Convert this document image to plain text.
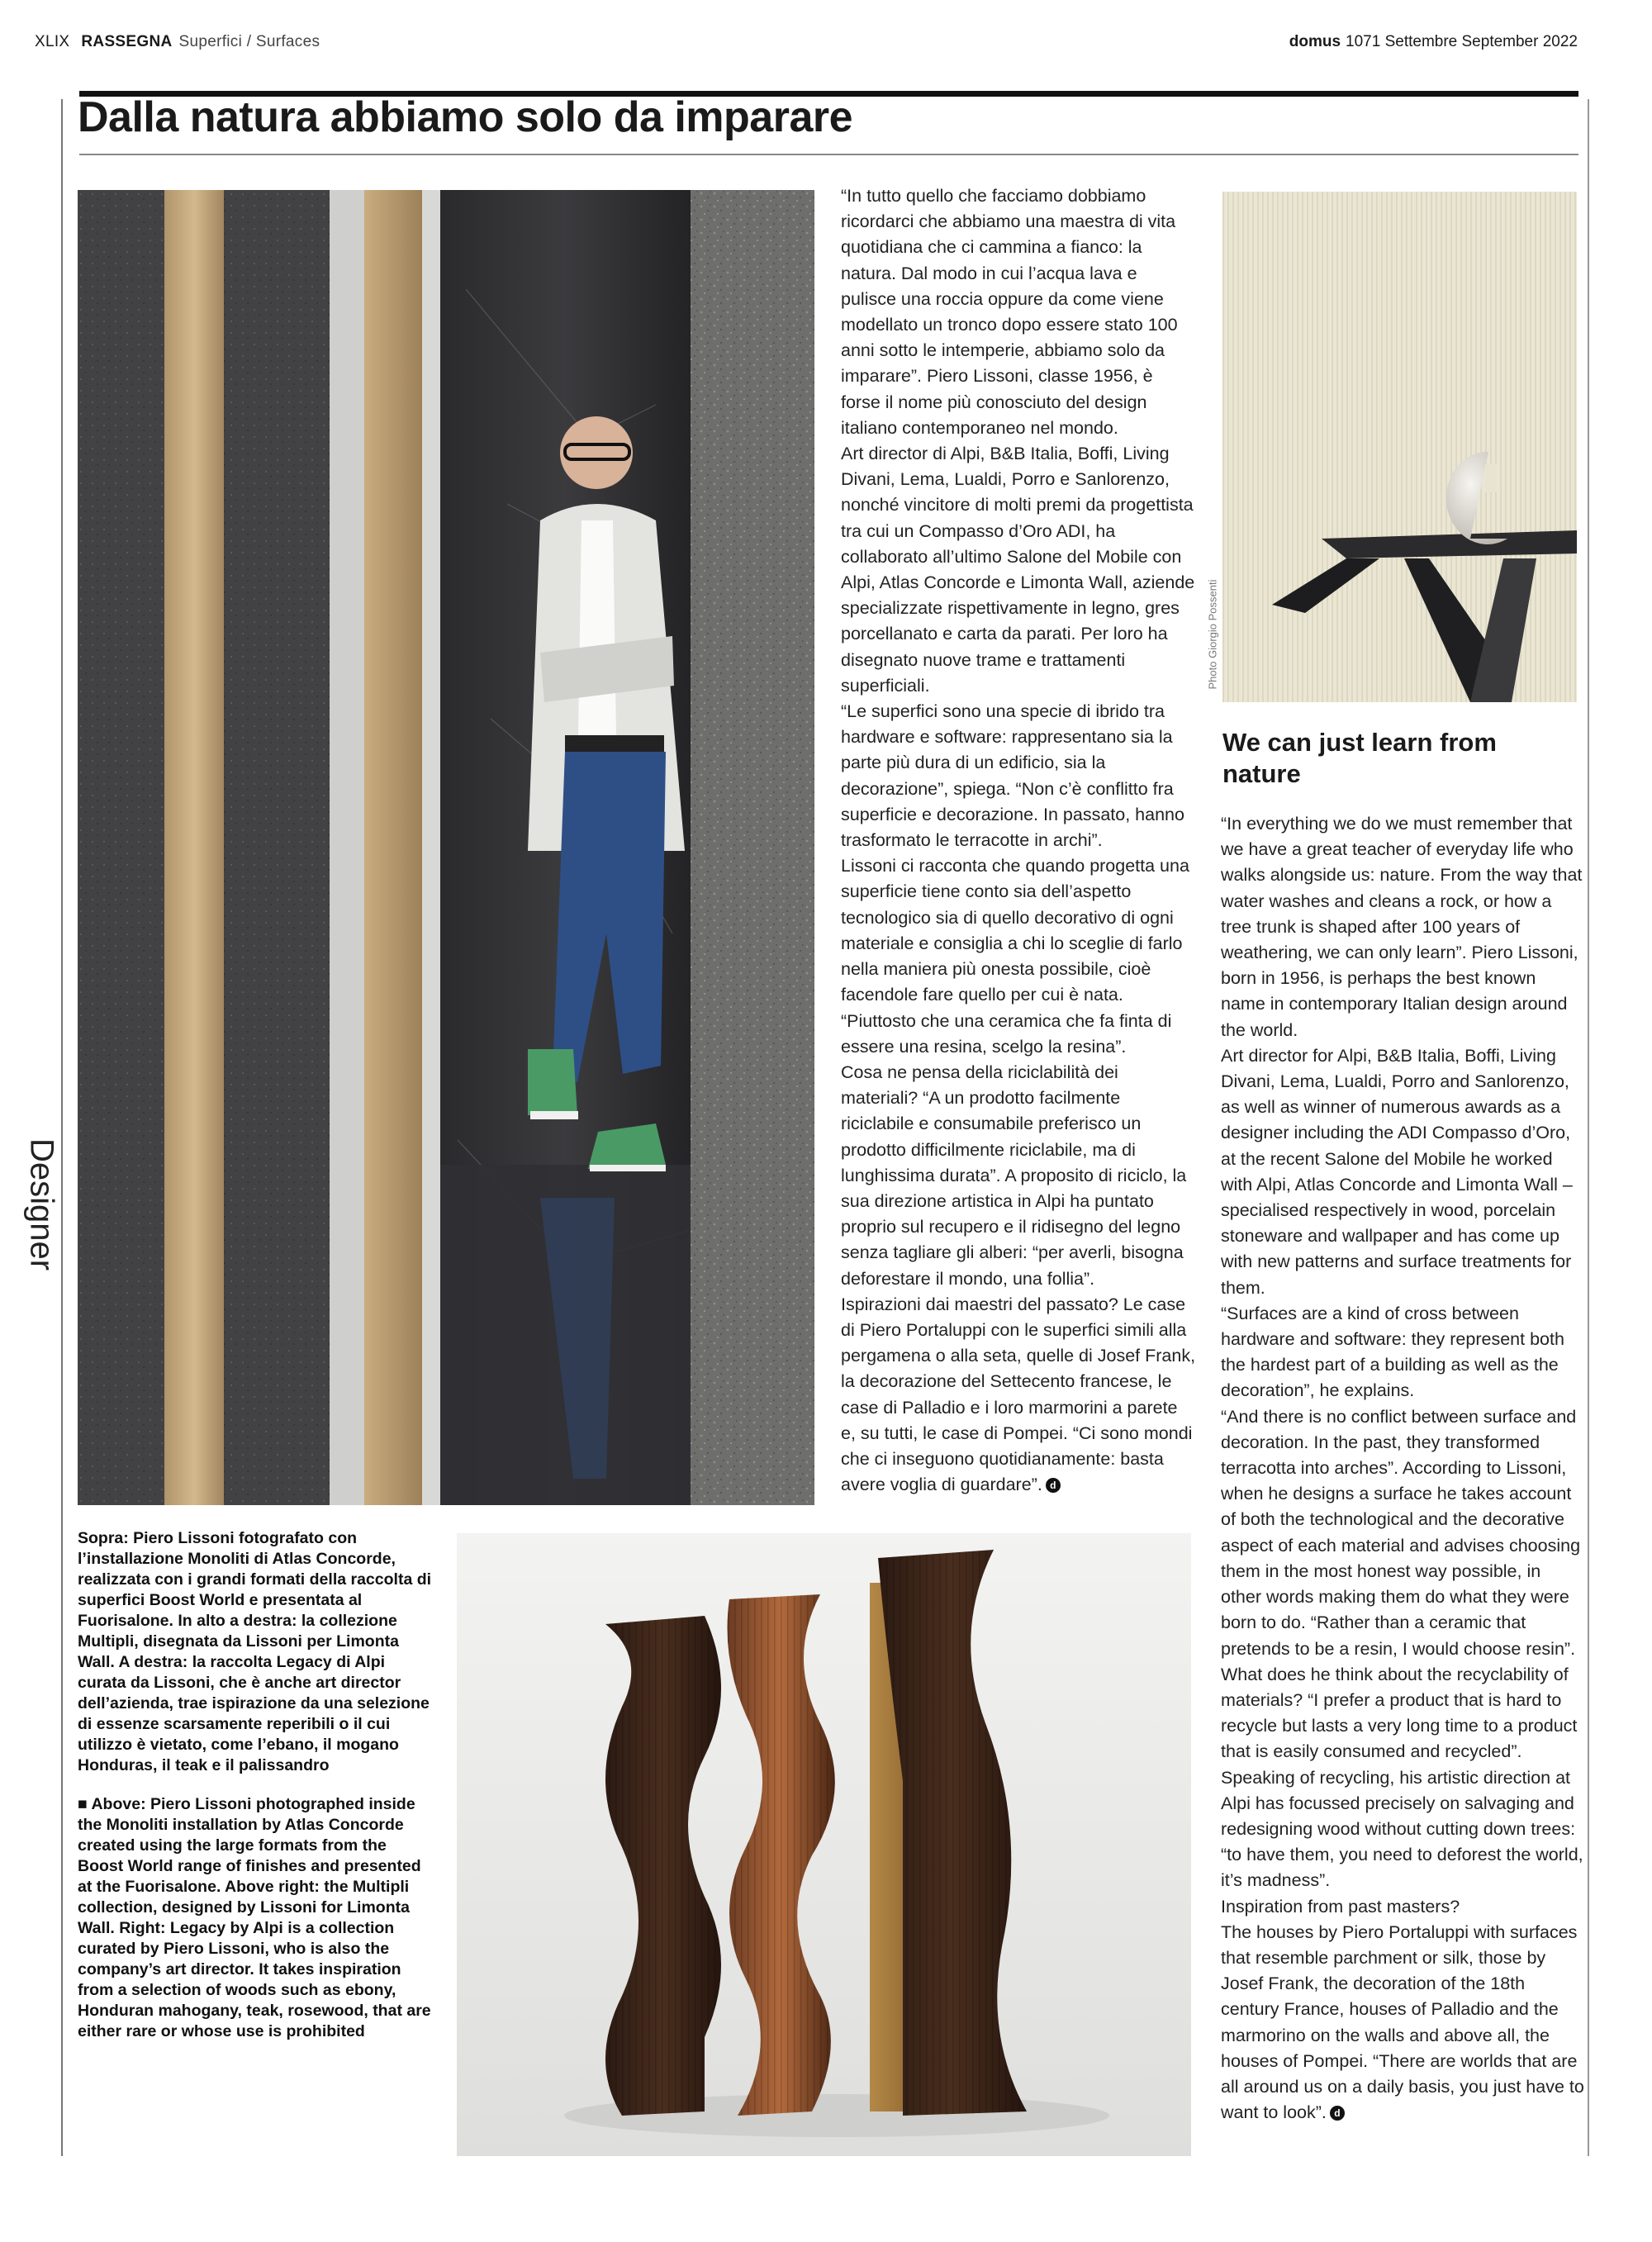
XLIX RASSEGNA Superfici / Surfaces	domus 1071 Settembre September 2022
Dalla natura abbiamo solo da imparare
Designer

“In tutto quello che facciamo dobbiamo ricordarci che abbiamo una maestra di vita quotidiana che ci cammina a fianco: la natura. Dal modo in cui l’acqua lava e pulisce una roccia oppure da come viene modellato un tronco dopo essere stato 100 anni sotto le intemperie, abbiamo solo da imparare”. Piero Lissoni, classe 1956, è forse il nome più conosciuto del design italiano contemporaneo nel mondo.

Art director di Alpi, B&B Italia, Boffi, Living Divani, Lema, Lualdi, Porro e Sanlorenzo, nonché vincitore di molti premi da progettista tra cui un Compasso d’Oro ADI, ha collaborato all’ultimo Salone del Mobile con Alpi, Atlas Concorde e Limonta Wall, aziende specializzate rispettivamente in legno, gres porcellanato e carta da parati. Per loro ha disegnato nuove trame e trattamenti superficiali.

“Le superfici sono una specie di ibrido tra hardware e software: rappresentano sia la parte più dura di un edificio, sia la decorazione”, spiega. “Non c’è conflitto fra superficie e decorazione. In passato, hanno trasformato le terracotte in archi”.

Lissoni ci racconta che quando progetta una superficie tiene conto sia dell’aspetto tecnologico sia di quello decorativo di ogni materiale e consiglia a chi lo sceglie di farlo nella maniera più onesta possibile, cioè facendole fare quello per cui è nata. “Piuttosto che una ceramica che fa finta di essere una resina, scelgo la resina”.

Cosa ne pensa della riciclabilità dei materiali? “A un prodotto facilmente riciclabile e consumabile preferisco un prodotto difficilmente riciclabile, ma di lunghissima durata”. A proposito di riciclo, la sua direzione artistica in Alpi ha puntato proprio sul recupero e il ridisegno del legno senza tagliare gli alberi: “per averli, bisogna deforestare il mondo, una follia”.

Ispirazioni dai maestri del passato? Le case di Piero Portaluppi con le superfici simili alla pergamena o alla seta, quelle di Josef Frank, la decorazione del Settecento francese, le case di Palladio e i loro marmorini a parete e, su tutti, le case di Pompei. “Ci sono mondi che ci inseguono quotidianamente: basta avere voglia di guardare”. d

Photo Giorgio Possenti
We can just learn from nature

“In everything we do we must remember that we have a great teacher of everyday life who walks alongside us: nature. From the way that water washes and cleans a rock, or how a tree trunk is shaped after 100 years of weathering, we can only learn”. Piero Lissoni, born in 1956, is perhaps the best known name in contemporary Italian design around the world.

Art director for Alpi, B&B Italia, Boffi, Living Divani, Lema, Lualdi, Porro and Sanlorenzo, as well as winner of numerous awards as a designer including the ADI Compasso d’Oro, at the recent Salone del Mobile he worked with Alpi, Atlas Concorde and Limonta Wall – specialised respectively in wood, porcelain stoneware and wallpaper and has come up with new patterns and surface treatments for them.

“Surfaces are a kind of cross between hardware and software: they represent both the hardest part of a building as well as the decoration”, he explains.

“And there is no conflict between surface and decoration. In the past, they transformed terracotta into arches”. According to Lissoni, when he designs a surface he takes account of both the technological and the decorative aspect of each material and advises choosing them in the most honest way possible, in other words making them do what they were born to do. “Rather than a ceramic that pretends to be a resin, I would choose resin”.

What does he think about the recyclability of materials? “I prefer a product that is hard to recycle but lasts a very long time to a product that is easily consumed and recycled”. Speaking of recycling, his artistic direction at Alpi has focussed precisely on salvaging and redesigning wood without cutting down trees: “to have them, you need to deforest the world, it’s madness”.

Inspiration from past masters?

The houses by Piero Portaluppi with surfaces that resemble parchment or silk, those by Josef Frank, the decoration of the 18th century France, houses of Palladio and the marmorino on the walls and above all, the houses of Pompei. “There are worlds that are all around us on a daily basis, you just have to want to look”. d

Sopra: Piero Lissoni fotografato con l’installazione Monoliti di Atlas Concorde, realizzata con i grandi formati della raccolta di superfici Boost World e presentata al Fuorisalone. In alto a destra: la collezione Multipli, disegnata da Lissoni per Limonta Wall. A destra: la raccolta Legacy di Alpi curata da Lissoni, che è anche art director dell’azienda, trae ispirazione da una selezione di essenze scarsamente reperibili o il cui utilizzo è vietato, come l’ebano, il mogano Honduras, il teak e il palissandro

■ Above: Piero Lissoni photographed inside the Monoliti installation by Atlas Concorde created using the large formats from the Boost World range of finishes and presented at the Fuorisalone. Above right: the Multipli collection, designed by Lissoni for Limonta Wall. Right: Legacy by Alpi is a collection curated by Piero Lissoni, who is also the company’s art director. It takes inspiration from a selection of woods such as ebony, Honduran mahogany, teak, rosewood, that are either rare or whose use is prohibited
